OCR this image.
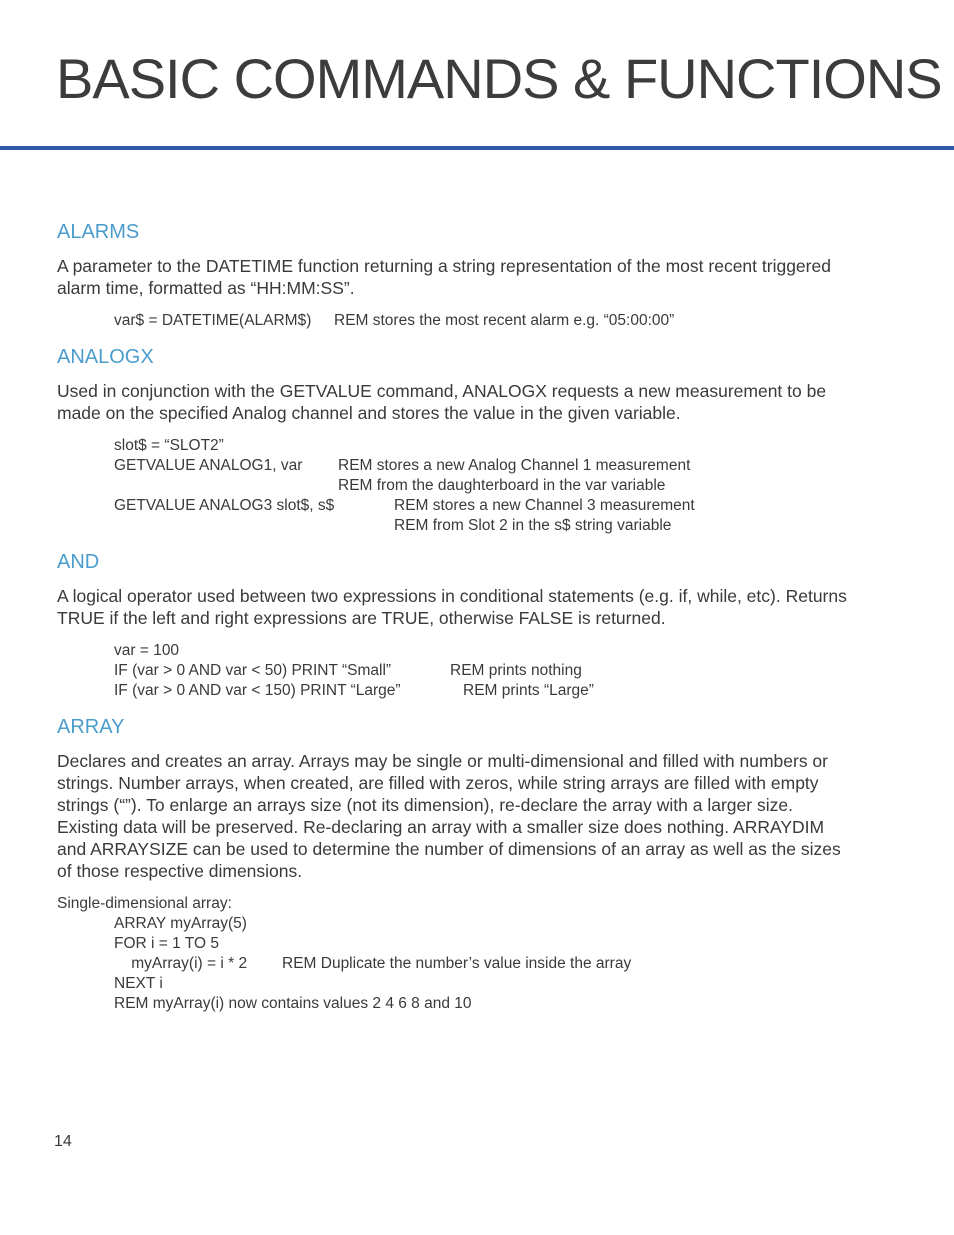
BASIC COMMANDS & FUNCTIONS
ALARMS

A parameter to the DATETIME function returning a string representation of the most recent triggered alarm time, formatted as “HH:MM:SS”.

var$ = DATETIME(ALARM$)	REM stores the most recent alarm e.g. “05:00:00”
ANALOGX

Used in conjunction with the GETVALUE command, ANALOGX requests a new measurement to be made on the specified Analog channel and stores the value in the given variable.

slot$ = “SLOT2”
GETVALUE ANALOG1, var	REM stores a new Analog Channel 1 measurement
REM from the daughterboard in the var variable
GETVALUE ANALOG3 slot$, s$	REM stores a new Channel 3 measurement
REM from Slot 2 in the s$ string variable
AND

A logical operator used between two expressions in conditional statements (e.g. if, while, etc). Returns TRUE if the left and right expressions are TRUE, otherwise FALSE is returned.

var = 100
IF (var > 0 AND var < 50) PRINT “Small”	REM prints nothing
IF (var > 0 AND var < 150) PRINT “Large”	REM prints “Large”
ARRAY

Declares and creates an array. Arrays may be single or multi-dimensional and filled with numbers or strings. Number arrays, when created, are filled with zeros, while string arrays are filled with empty strings (“”). To enlarge an arrays size (not its dimension), re-declare the array with a larger size. Existing data will be preserved. Re-declaring an array with a smaller size does nothing. ARRAYDIM and ARRAYSIZE can be used to determine the number of dimensions of an array as well as the sizes of those respective dimensions.

Single-dimensional array:

ARRAY myArray(5)
FOR i = 1 TO 5
myArray(i) = i * 2	REM Duplicate the number’s value inside the array
NEXT i
REM myArray(i) now contains values 2 4 6 8 and 10
14
